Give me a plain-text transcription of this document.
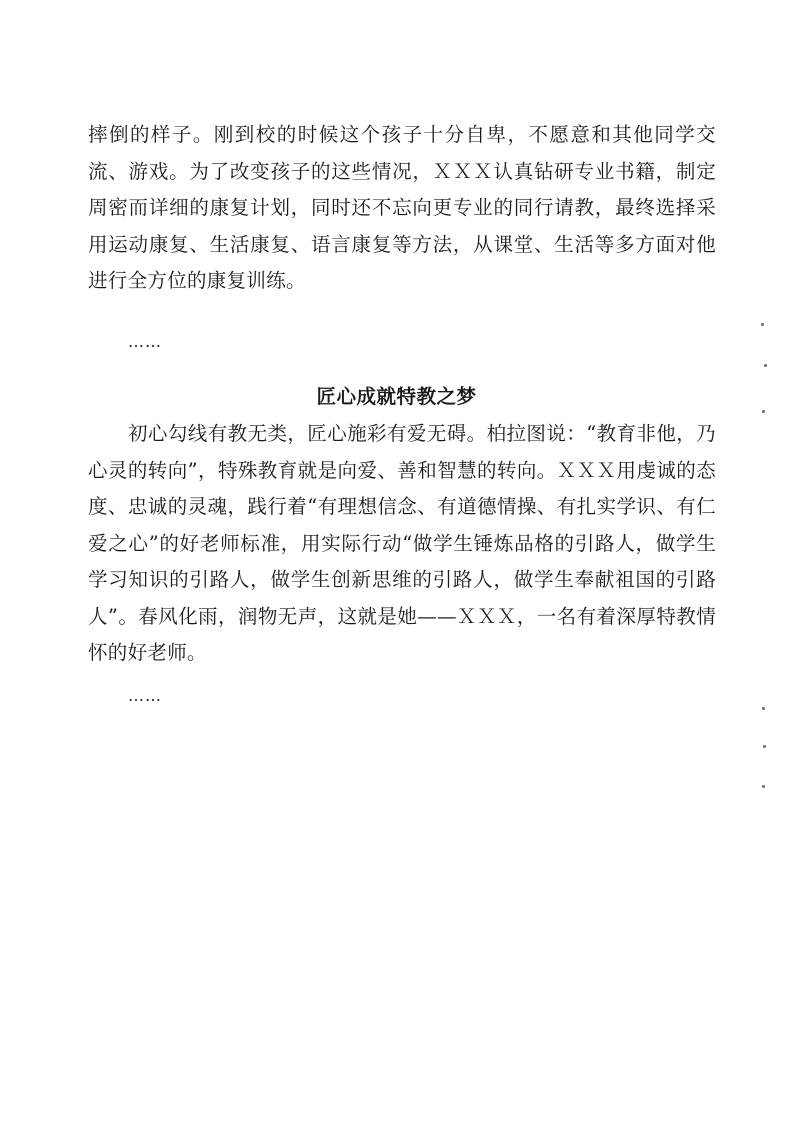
摔倒的样子。刚到校的时候这个孩子十分自卑，不愿意和其他同学交流、游戏。为了改变孩子的这些情况，ＸＸＸ认真钻研专业书籍，制定周密而详细的康复计划，同时还不忘向更专业的同行请教，最终选择采用运动康复、生活康复、语言康复等方法，从课堂、生活等多方面对他进行全方位的康复训练。

……
匠心成就特教之梦

初心勾线有教无类，匠心施彩有爱无碍。柏拉图说：“教育非他，乃心灵的转向”，特殊教育就是向爱、善和智慧的转向。ＸＸＸ用虔诚的态度、忠诚的灵魂，践行着“有理想信念、有道德情操、有扎实学识、有仁爱之心”的好老师标准，用实际行动“做学生锤炼品格的引路人，做学生学习知识的引路人，做学生创新思维的引路人，做学生奉献祖国的引路人”。春风化雨，润物无声，这就是她——ＸＸＸ，一名有着深厚特教情怀的好老师。

……
